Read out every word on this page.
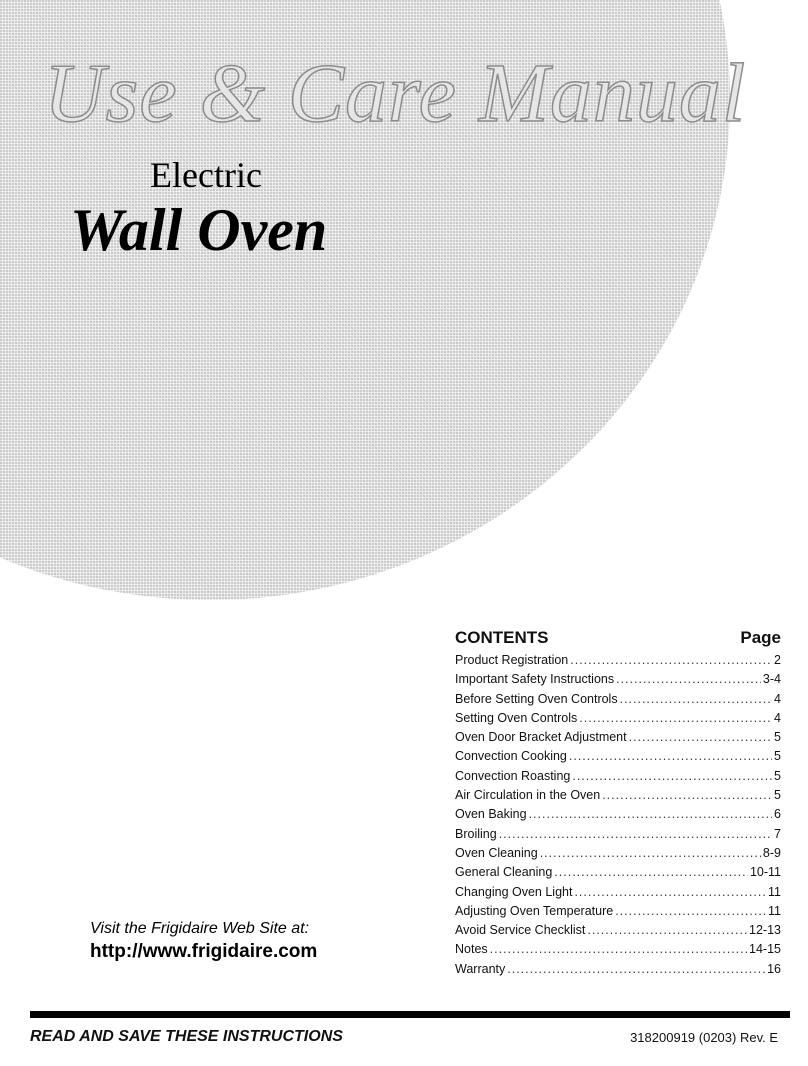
Use & Care Manual
Electric
Wall Oven
CONTENTS	Page
Product Registration .....	2
Important Safety Instructions .....	3-4
Before Setting Oven Controls .....	4
Setting Oven Controls .....	4
Oven Door Bracket Adjustment .....	5
Convection Cooking .....	5
Convection Roasting .....	5
Air Circulation in the Oven .....	5
Oven Baking .....	6
Broiling .....	7
Oven Cleaning .....	8-9
General Cleaning .....	10-11
Changing Oven Light .....	11
Adjusting Oven Temperature .....	11
Avoid Service Checklist .....	12-13
Notes .....	14-15
Warranty .....	16
Visit the Frigidaire Web Site at:
http://www.frigidaire.com
READ AND SAVE THESE INSTRUCTIONS	318200919 (0203) Rev. E
